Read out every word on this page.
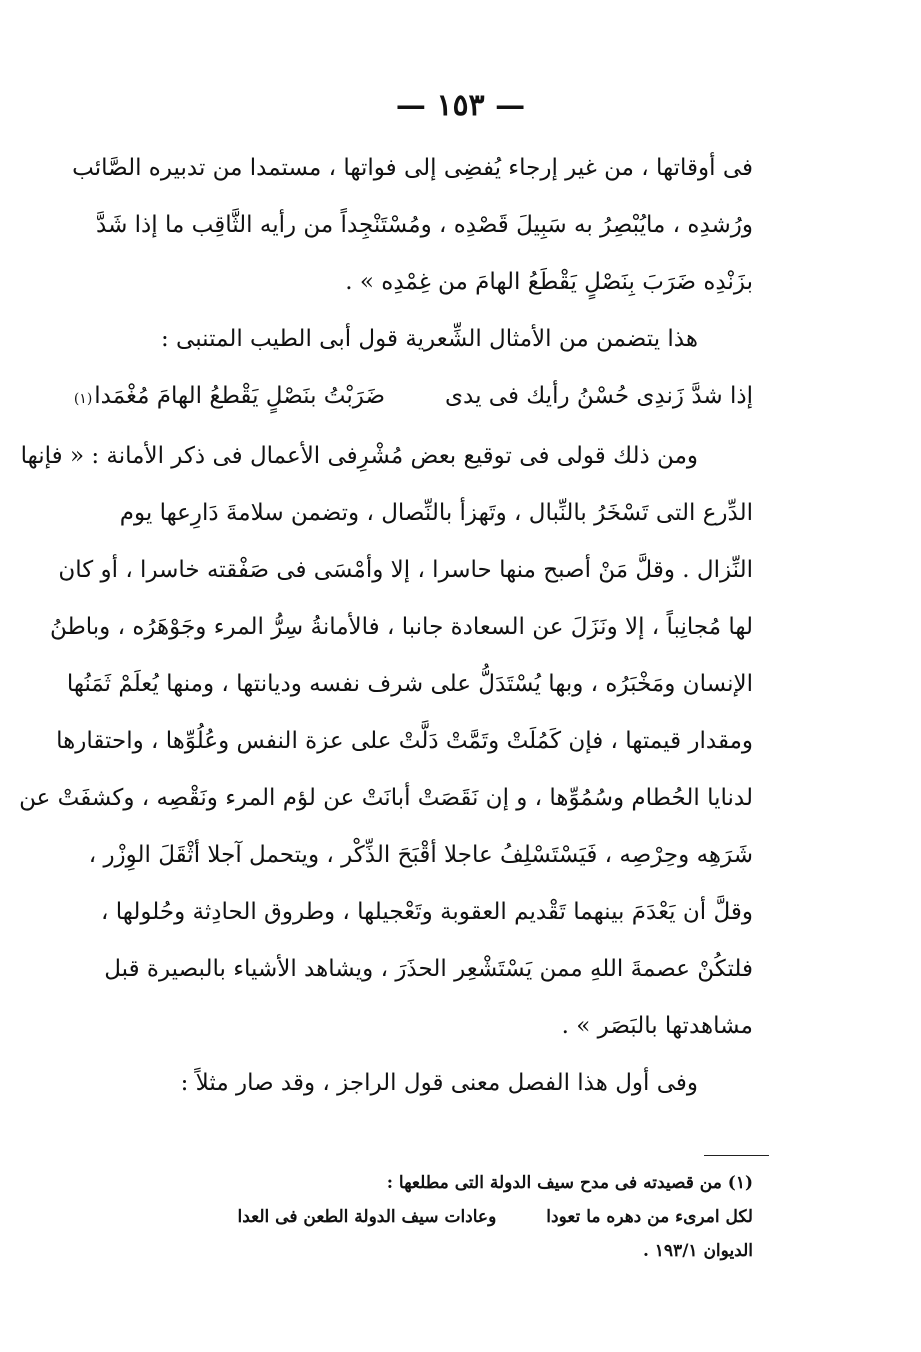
— ١٥٣ —
فى أوقاتها ، من غير إرجاء يُفضِى إلى فواتها ، مستمدا من تدبيره الصَّائب
ورُشدِه ، مايُبْصِرُ به سَبِيلَ قَصْدِه ، ومُسْتَنْجِداً من رأيه الثَّاقِب ما إذا شَدَّ
بزَنْدِه ضَرَبَ بِنَصْلٍ يَقْطَعُ الهامَ من غِمْدِه » .
هذا يتضمن من الأمثال الشِّعرية قول أبى الطيب المتنبى :
إذا شدَّ زَندِى حُسْنُ رأيك فى يدى
ضَرَبْتُ بنَصْلٍ يَقْطعُ الهامَ مُغْمَدا
(١)
ومن ذلك قولى فى توقيع بعض مُشْرِفى الأعمال فى ذكر الأمانة : « فإنها
الدِّرع التى تَسْخَرُ بالنِّبال ، وتَهزأ بالنِّصال ، وتضمن سلامةَ دَارِعها يوم
النِّزال . وقلَّ مَنْ أصبح منها حاسرا ، إلا وأمْسَى فى صَفْقته خاسرا ، أو كان
لها مُجانِباً ، إلا ونَزَلَ عن السعادة جانبا ، فالأمانةُ سِرُّ المرء وجَوْهَرُه ، وباطنُ
الإنسان ومَخْبَرُه ، وبها يُسْتَدَلُّ على شرف نفسه وديانتها ، ومنها يُعلَمْ ثَمَنُها
ومقدار قيمتها ، فإن كَمُلَتْ وتَمَّتْ دَلَّتْ على عزة النفس وعُلُوِّها ، واحتقارها
لدنايا الحُطام وسُمُوِّها ، و إن نَقَصَتْ أبانَتْ عن لؤم المرء ونَقْصِه ، وكشفَتْ عن
شَرَهِه وحِرْصِه ، فَيَسْتَسْلِفُ عاجلا أقْبَحَ الذِّكْر ، ويتحمل آجلا أثْقَلَ الوِزْر ،
وقلَّ أن يَعْدَمَ بينهما تَقْديم العقوبة وتَعْجيلها ، وطروق الحادِثة وحُلولها ،
فلتكُنْ عصمةَ اللهِ ممن يَسْتَشْعِر الحذَرَ ، ويشاهد الأشياء بالبصيرة قبل
مشاهدتها بالبَصَر » .
وفى أول هذا الفصل معنى قول الراجز ، وقد صار مثلاً :
(١) من قصيدته فى مدح سيف الدولة التى مطلعها :
لكل امرىء من دهره ما تعودا
وعادات سيف الدولة الطعن فى العدا
الديوان ١٩٣/١ .
